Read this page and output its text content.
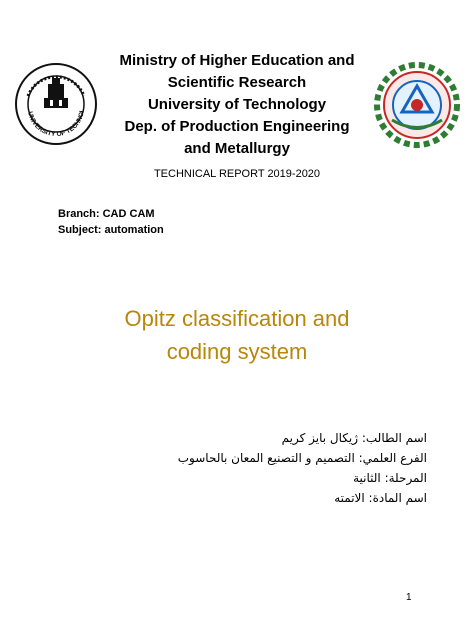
UNIVERSITY OF TECHNOL
Ministry of Higher Education and
Scientific Research
University of Technology
Dep. of Production Engineering
and Metallurgy
TECHNICAL REPORT 2019-2020
Branch: CAD CAM
Subject: automation
Opitz classification and
coding system
اسم الطالب: ژيكال بايز كريم
الفرع العلمي: التصميم و التصنيع المعان بالحاسوب
المرحلة: الثانية
اسم المادة: الاتمته
1
